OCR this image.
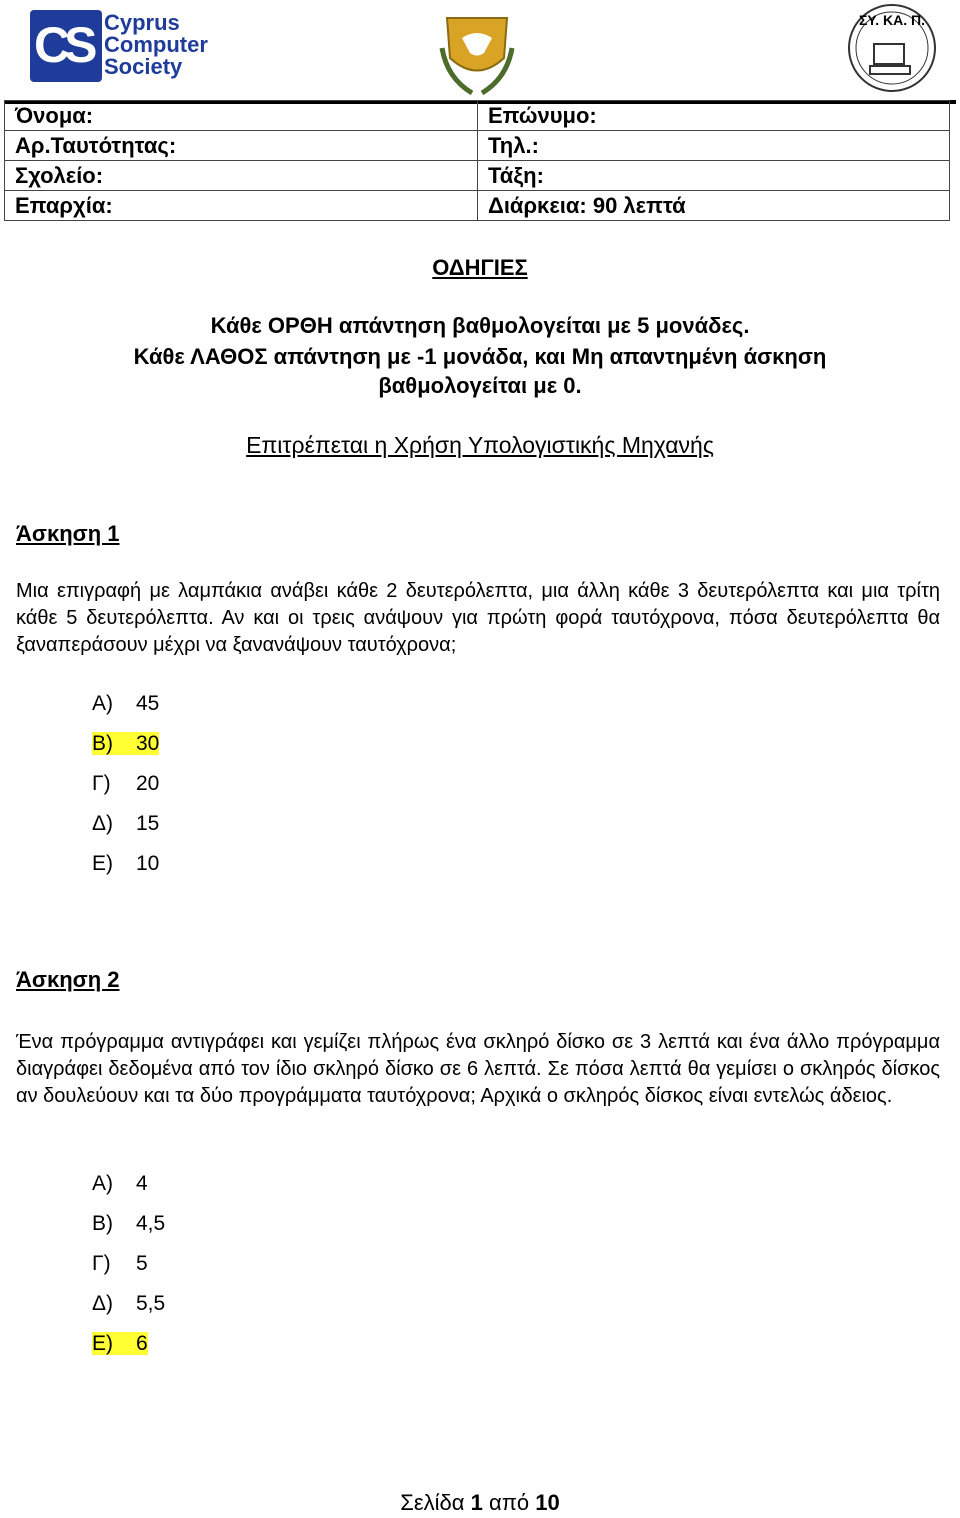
CS Cyprus
Computer
Society
ΣΥ. ΚΑ. Π.
Όνομα:	Επώνυμο:
Αρ.Ταυτότητας:	Τηλ.:
Σχολείο:	Τάξη:
Επαρχία:	Διάρκεια: 90 λεπτά
ΟΔΗΓΙΕΣ
Κάθε ΟΡΘΗ απάντηση βαθμολογείται με 5 μονάδες.
Κάθε ΛΑΘΟΣ απάντηση με -1 μονάδα, και Μη απαντημένη άσκηση
βαθμολογείται με 0.
Επιτρέπεται η Χρήση Υπολογιστικής Μηχανής
Άσκηση 1
Μια επιγραφή με λαμπάκια ανάβει κάθε 2 δευτερόλεπτα, μια άλλη κάθε 3 δευτερόλεπτα και μια τρίτη κάθε 5 δευτερόλεπτα. Αν και οι τρεις ανάψουν για πρώτη φορά ταυτόχρονα, πόσα δευτερόλεπτα θα ξαναπεράσουν μέχρι να ξανανάψουν ταυτόχρονα;
Α) 45
Β) 30
Γ) 20
Δ) 15
Ε) 10
Άσκηση 2
Ένα πρόγραμμα αντιγράφει και γεμίζει πλήρως ένα σκληρό δίσκο σε 3 λεπτά και ένα άλλο πρόγραμμα διαγράφει δεδομένα από τον ίδιο σκληρό δίσκο σε 6 λεπτά. Σε πόσα λεπτά θα γεμίσει ο σκληρός δίσκος αν δουλεύουν και τα δύο προγράμματα ταυτόχρονα; Αρχικά ο σκληρός δίσκος είναι εντελώς άδειος.
Α) 4
Β) 4,5
Γ) 5
Δ) 5,5
Ε) 6
Σελίδα 1 από 10
